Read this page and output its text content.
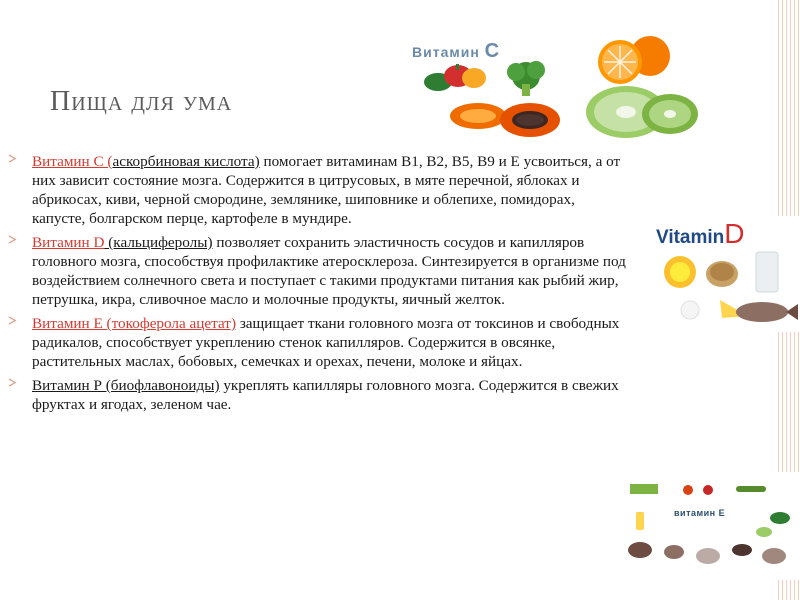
Пища для ума
Витамин С
VitaminD
витамин E
Витамин С (аскорбиновая кислота) помогает витаминам В1, В2, В5, В9 и Е усвоиться, а от них зависит состояние мозга. Содержится в цитрусовых, в мяте перечной, яблоках и абрикосах, киви, черной смородине, землянике, шиповнике и облепихе, помидорах, капусте, болгарском перце, картофеле в мундире.
Витамин D (кальциферолы) позволяет сохранить эластичность сосудов и капилляров головного мозга, способствуя профилактике атеросклероза. Синтезируется в организме под воздействием солнечного света и поступает с такими продуктами питания как рыбий жир, петрушка, икра, сливочное масло и молочные продукты, яичный желток.
Витамин Е (токоферола ацетат) защищает ткани головного мозга от токсинов и свободных радикалов, способствует укреплению стенок капилляров. Содержится в овсянке, растительных маслах, бобовых, семечках и орехах, печени, молоке и яйцах.
Витамин Р (биофлавоноиды) укреплять капилляры головного мозга. Содержится в свежих фруктах и ягодах, зеленом чае.
